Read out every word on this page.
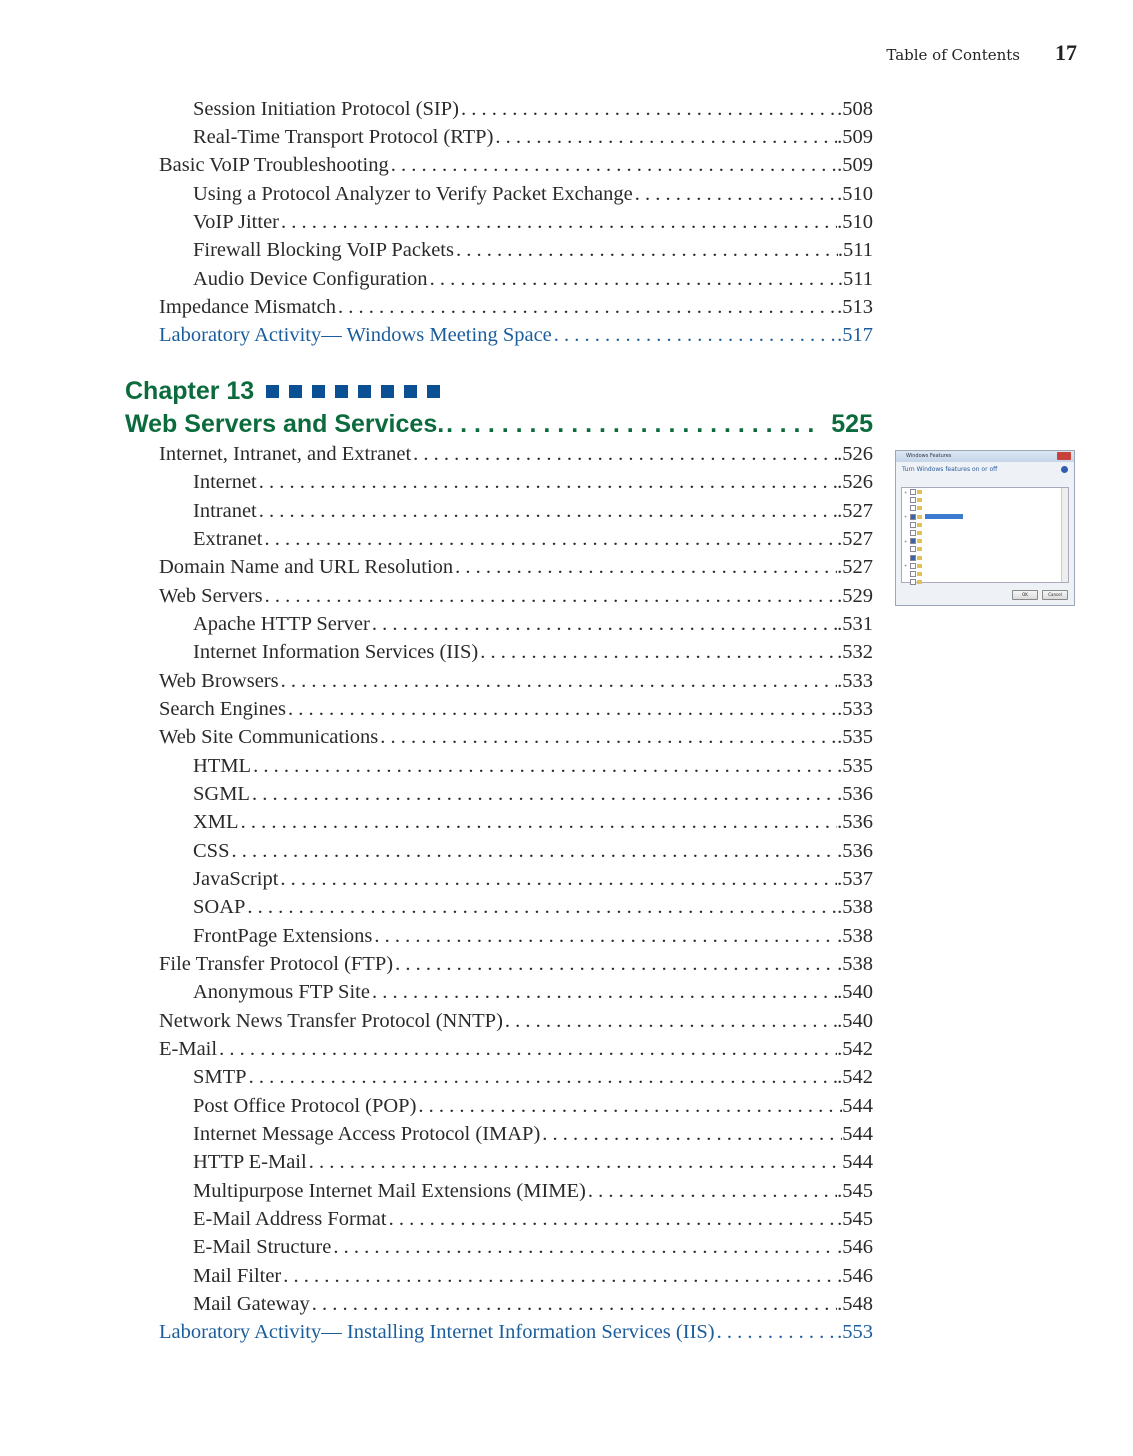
Table of Contents 17
Session Initiation Protocol (SIP) . . .	.508
Real-Time Transport Protocol (RTP) . . .	.509
Basic VoIP Troubleshooting . . .	.509
Using a Protocol Analyzer to Verify Packet Exchange . . .	.510
VoIP Jitter . . .	.510
Firewall Blocking VoIP Packets . . .	.511
Audio Device Configuration . . .	.511
Impedance Mismatch . . .	.513
Laboratory Activity— Windows Meeting Space . . .	.517
Chapter 13
Web Servers and Services. . . .	525
Internet, Intranet, and Extranet . . .	.526
Internet . . .	.526
Intranet . . .	.527
Extranet . . .	.527
Domain Name and URL Resolution . . .	.527
Web Servers . . .	.529
Apache HTTP Server . . .	.531
Internet Information Services (IIS) . . .	.532
Web Browsers . . .	.533
Search Engines . . .	.533
Web Site Communications . . .	.535
HTML . . .	.535
SGML . . .	.536
XML . . .	.536
CSS . . .	.536
JavaScript . . .	.537
SOAP . . .	.538
FrontPage Extensions . . .	.538
File Transfer Protocol (FTP) . . .	.538
Anonymous FTP Site . . .	.540
Network News Transfer Protocol (NNTP) . . .	.540
E-Mail . . .	.542
SMTP . . .	.542
Post Office Protocol (POP) . . .	544
Internet Message Access Protocol (IMAP) . . .	544
HTTP E-Mail . . .	544
Multipurpose Internet Mail Extensions (MIME) . . .	.545
E-Mail Address Format . . .	.545
E-Mail Structure . . .	.546
Mail Filter . . .	.546
Mail Gateway . . .	.548
Laboratory Activity— Installing Internet Information Services (IIS) . . .	.553
Windows Features
Turn Windows features on or off

+
+

+
+
OK	Cancel
